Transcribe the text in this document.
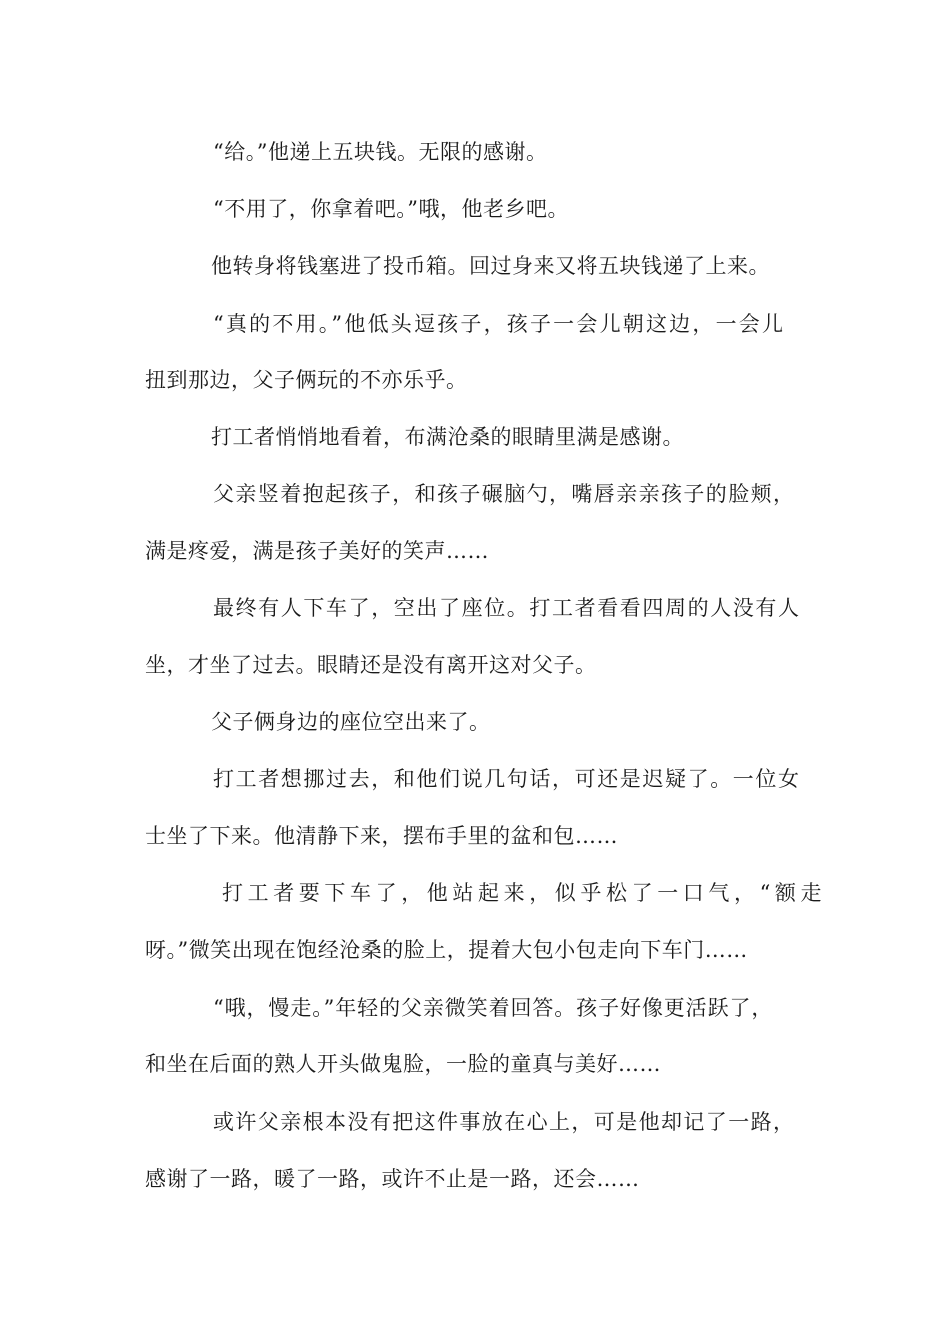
“给。”他递上五块钱。无限的感谢。
“不用了，你拿着吧。”哦，他老乡吧。
他转身将钱塞进了投币箱。回过身来又将五块钱递了上来。
“真的不用。”他低头逗孩子，孩子一会儿朝这边，一会儿
扭到那边，父子俩玩的不亦乐乎。
打工者悄悄地看着，布满沧桑的眼睛里满是感谢。
父亲竖着抱起孩子，和孩子碾脑勺，嘴唇亲亲孩子的脸颊，
满是疼爱，满是孩子美好的笑声……
最终有人下车了，空出了座位。打工者看看四周的人没有人
坐，才坐了过去。眼睛还是没有离开这对父子。
父子俩身边的座位空出来了。
打工者想挪过去，和他们说几句话，可还是迟疑了。一位女
士坐了下来。他清静下来，摆布手里的盆和包……
打工者要下车了，他站起来，似乎松了一口气，“额走
呀。”微笑出现在饱经沧桑的脸上，提着大包小包走向下车门……
“哦，慢走。”年轻的父亲微笑着回答。孩子好像更活跃了，
和坐在后面的熟人开头做鬼脸，一脸的童真与美好……
或许父亲根本没有把这件事放在心上，可是他却记了一路，
感谢了一路，暖了一路，或许不止是一路，还会……
